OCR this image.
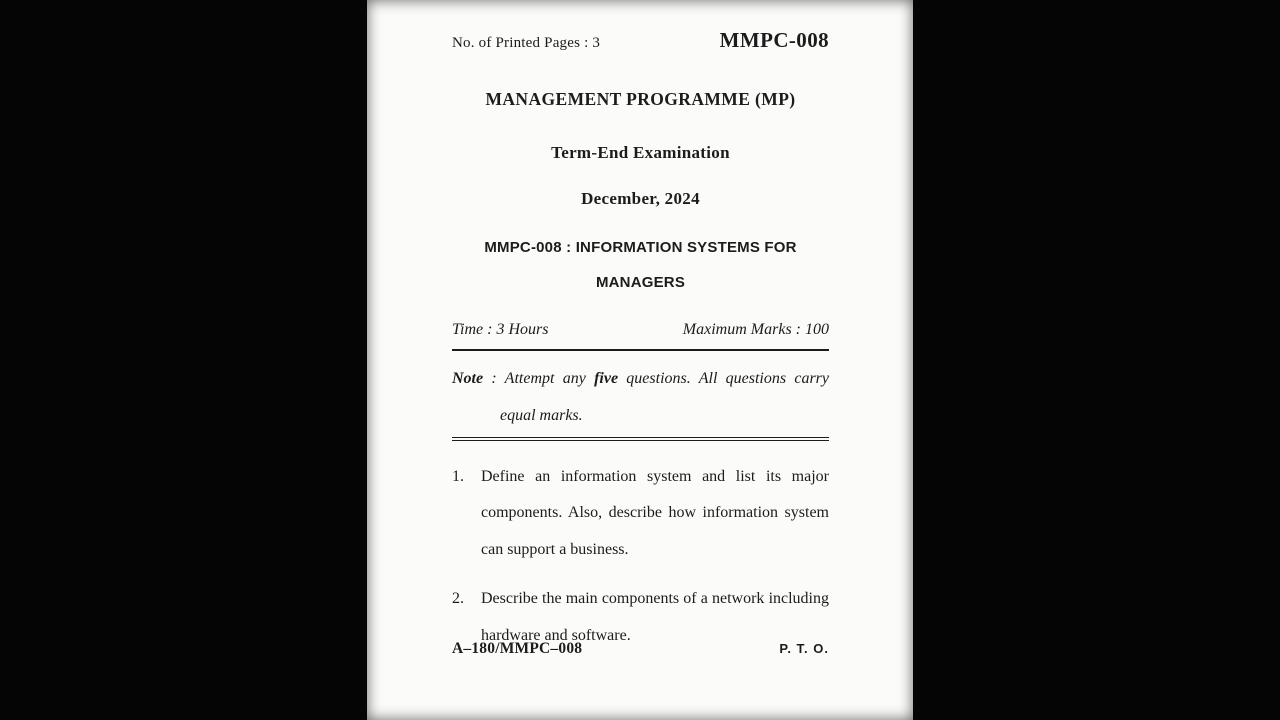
No. of Printed Pages : 3	MMPC-008
MANAGEMENT PROGRAMME (MP)
Term-End Examination
December, 2024
MMPC-008 : INFORMATION SYSTEMS FOR
MANAGERS
Time : 3 Hours	Maximum Marks : 100
Note : Attempt any five questions. All questions carry equal marks.
1.	Define an information system and list its major components. Also, describe how information system can support a business.
2.	Describe the main components of a network including hardware and software.
A–180/MMPC–008	P. T. O.
